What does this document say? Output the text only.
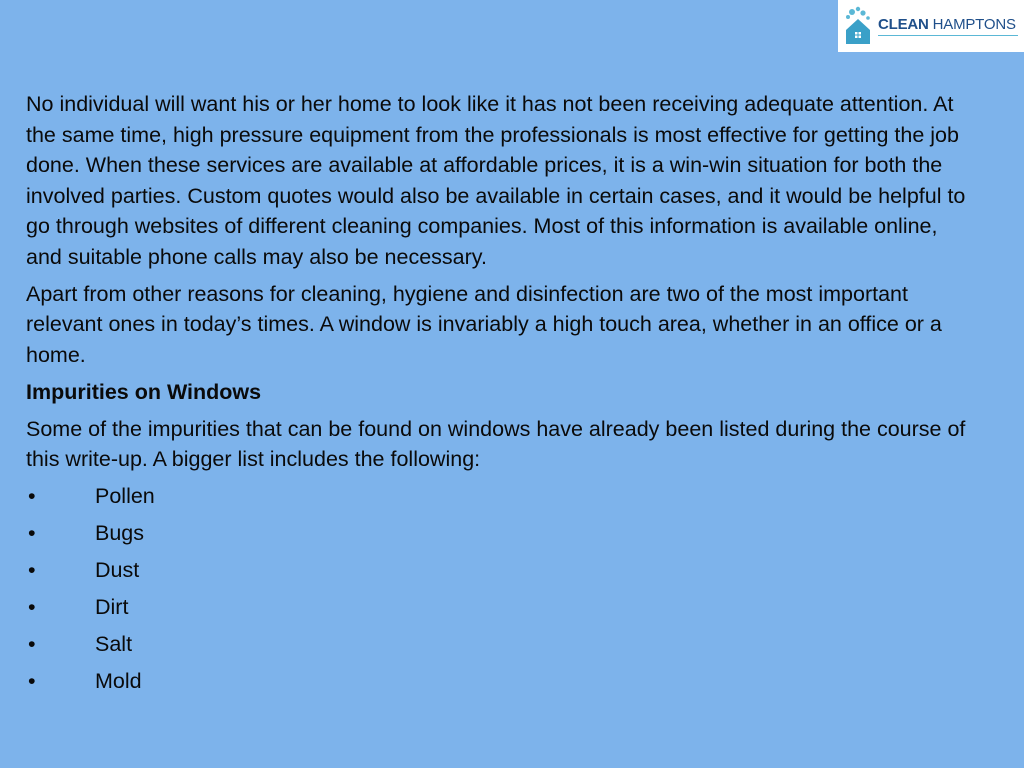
CLEAN HAMPTONS

No individual will want his or her home to look like it has not been receiving adequate attention. At the same time, high pressure equipment from the professionals is most effective for getting the job done. When these services are available at affordable prices, it is a win-win situation for both the involved parties. Custom quotes would also be available in certain cases, and it would be helpful to go through websites of different cleaning companies. Most of this information is available online, and suitable phone calls may also be necessary.

Apart from other reasons for cleaning, hygiene and disinfection are two of the most important relevant ones in today’s times. A window is invariably a high touch area, whether in an office or a home.

Impurities on Windows

Some of the impurities that can be found on windows have already been listed during the course of this write-up. A bigger list includes the following:

•	Pollen
•	Bugs
•	Dust
•	Dirt
•	Salt
•	Mold
